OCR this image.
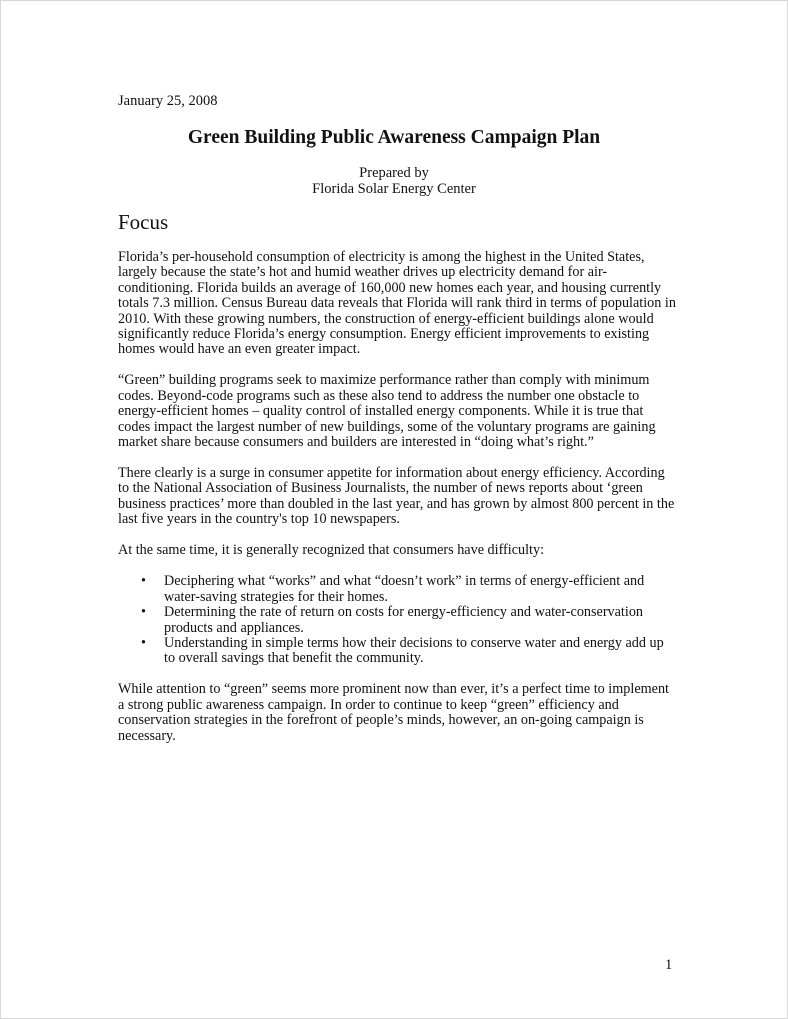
January 25, 2008
Green Building Public Awareness Campaign Plan
Prepared by
Florida Solar Energy Center
Focus

Florida’s per-household consumption of electricity is among the highest in the United States, largely because the state’s hot and humid weather drives up electricity demand for air-conditioning. Florida builds an average of 160,000 new homes each year, and housing currently totals 7.3 million. Census Bureau data reveals that Florida will rank third in terms of population in 2010. With these growing numbers, the construction of energy-efficient buildings alone would significantly reduce Florida’s energy consumption. Energy efficient improvements to existing homes would have an even greater impact.

“Green” building programs seek to maximize performance rather than comply with minimum codes. Beyond-code programs such as these also tend to address the number one obstacle to energy-efficient homes – quality control of installed energy components. While it is true that codes impact the largest number of new buildings, some of the voluntary programs are gaining market share because consumers and builders are interested in “doing what’s right.”

There clearly is a surge in consumer appetite for information about energy efficiency. According to the National Association of Business Journalists, the number of news reports about ‘green business practices’ more than doubled in the last year, and has grown by almost 800 percent in the last five years in the country's top 10 newspapers.

At the same time, it is generally recognized that consumers have difficulty:

• Deciphering what “works” and what “doesn’t work” in terms of energy-efficient and water-saving strategies for their homes.
• Determining the rate of return on costs for energy-efficiency and water-conservation products and appliances.
• Understanding in simple terms how their decisions to conserve water and energy add up to overall savings that benefit the community.

While attention to “green” seems more prominent now than ever, it’s a perfect time to implement a strong public awareness campaign. In order to continue to keep “green” efficiency and conservation strategies in the forefront of people’s minds, however, an on-going campaign is necessary.

1
